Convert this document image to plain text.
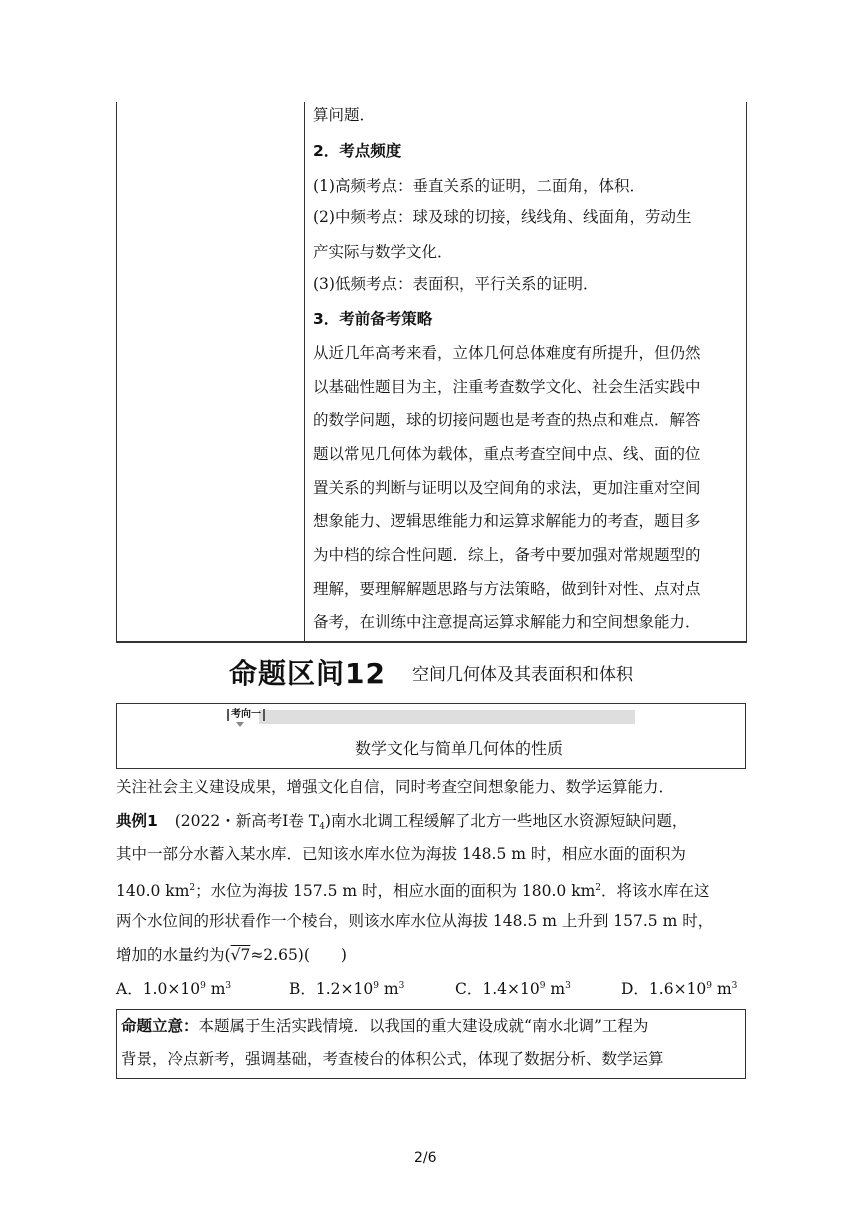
算问题．
2．考点频度
(1)高频考点：垂直关系的证明，二面角，体积．
(2)中频考点：球及球的切接，线线角、线面角，劳动生
产实际与数学文化．
(3)低频考点：表面积，平行关系的证明．
3．考前备考策略
从近几年高考来看，立体几何总体难度有所提升，但仍然
以基础性题目为主，注重考查数学文化、社会生活实践中
的数学问题，球的切接问题也是考查的热点和难点．解答
题以常见几何体为载体，重点考查空间中点、线、面的位
置关系的判断与证明以及空间角的求法，更加注重对空间
想象能力、逻辑思维能力和运算求解能力的考查，题目多
为中档的综合性问题．综上，备考中要加强对常规题型的
理解，要理解解题思路与方法策略，做到针对性、点对点
备考，在训练中注意提高运算求解能力和空间想象能力．
命题区间12 空间几何体及其表面积和体积
考向一
数学文化与简单几何体的性质
关注社会主义建设成果，增强文化自信，同时考查空间想象能力、数学运算能力．
典例1 (2022・新高考Ⅰ卷 $T_4$)南水北调工程缓解了北方一些地区水资源短缺问题，
其中一部分水蓄入某水库．已知该水库水位为海拔 148.5 m 时，相应水面的面积为
140.0 $km^2$；水位为海拔 157.5 m 时，相应水面的面积为 180.0 $km^2$．将该水库在这
两个水位间的形状看作一个棱台，则该水库水位从海拔 148.5 m 上升到 157.5 m 时，
增加的水量约为(√7≈2.65)(　　)
A．$1.0\times 10^9$ $m^3$	B．$1.2\times 10^9$ $m^3$	C．$1.4\times 10^9$ $m^3$	D．$1.6\times 10^9$ $m^3$
命题立意：本题属于生活实践情境．以我国的重大建设成就“南水北调”工程为
背景，冷点新考，强调基础，考查棱台的体积公式，体现了数据分析、数学运算
2/6
